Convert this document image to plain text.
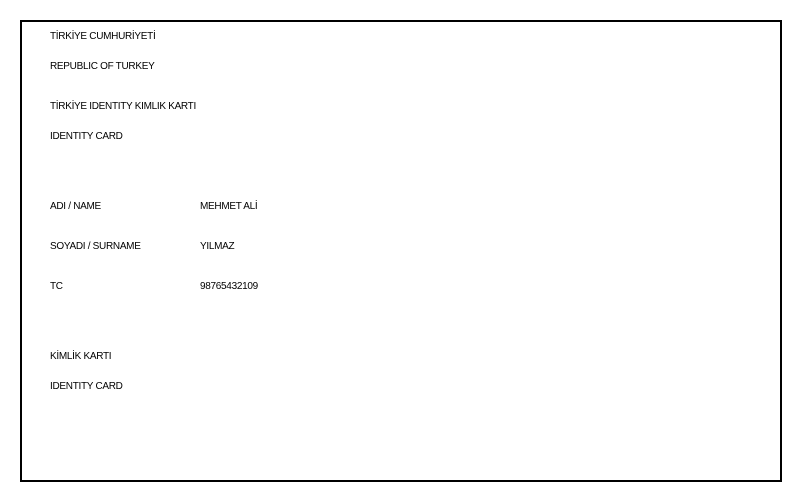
TİRKİYE CUMHURİYETİ
REPUBLIC OF TURKEY
TİRKİYE IDENTITY KIMLIK KARTI
IDENTITY CARD
ADI / NAME	MEHMET ALİ
SOYADI / SURNAME	YILMAZ
TC	98765432109
KİMLİK KARTI
IDENTITY CARD
